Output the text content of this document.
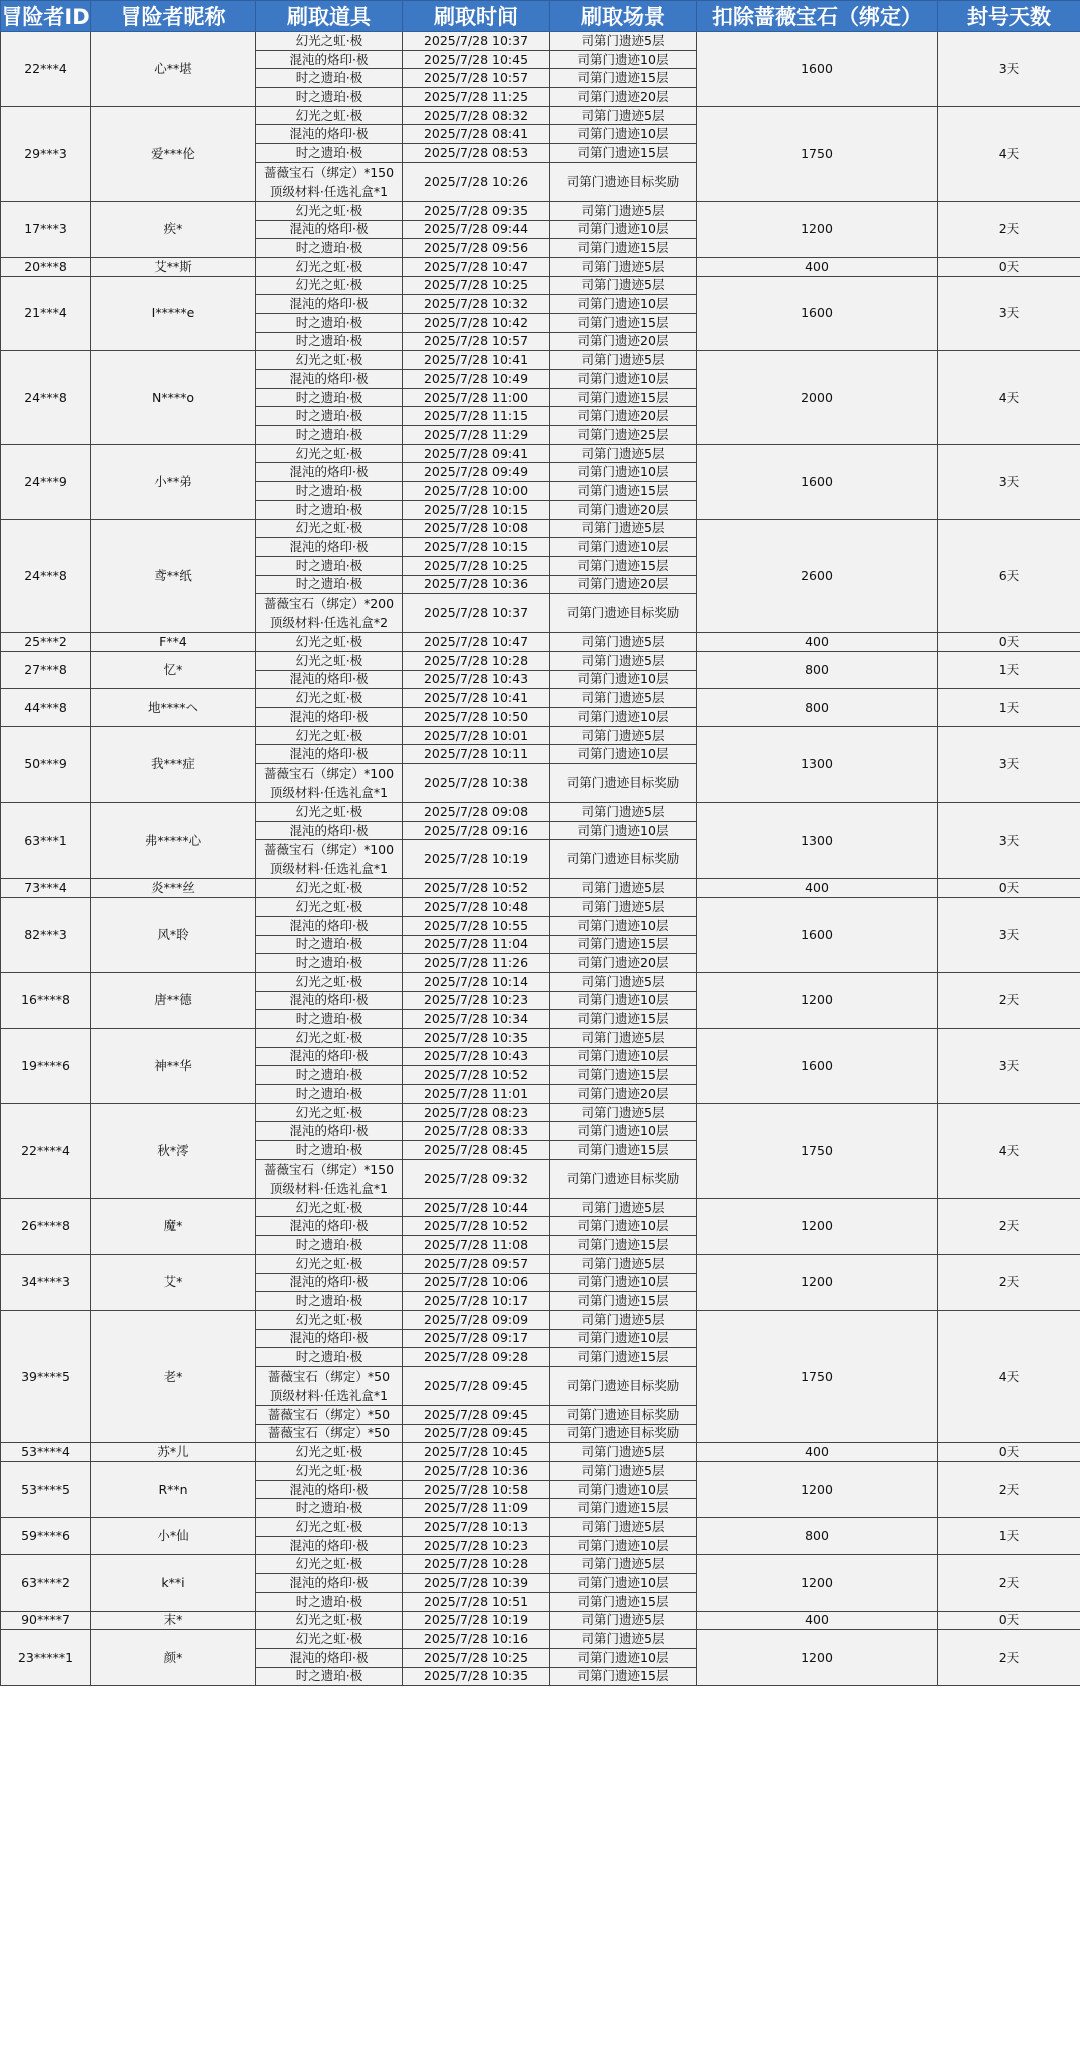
冒险者ID	冒险者昵称	刷取道具	刷取时间	刷取场景	扣除蔷薇宝石（绑定）	封号天数
22***4	心**堪	幻光之虹·极	2025/7/28 10:37	司第门遗迹5层	1600	3天
		混沌的烙印·极	2025/7/28 10:45	司第门遗迹10层		
		时之遗珀·极	2025/7/28 10:57	司第门遗迹15层		
		时之遗珀·极	2025/7/28 11:25	司第门遗迹20层		
29***3	爱***伦	幻光之虹·极	2025/7/28 08:32	司第门遗迹5层	1750	4天
		混沌的烙印·极	2025/7/28 08:41	司第门遗迹10层		
		时之遗珀·极	2025/7/28 08:53	司第门遗迹15层		
		蔷薇宝石（绑定）*150
顶级材料·任选礼盒*1	2025/7/28 10:26	司第门遗迹目标奖励		

17***3	疾*	幻光之虹·极	2025/7/28 09:35	司第门遗迹5层	1200	2天
		混沌的烙印·极	2025/7/28 09:44	司第门遗迹10层		
		时之遗珀·极	2025/7/28 09:56	司第门遗迹15层		
20***8	艾**斯	幻光之虹·极	2025/7/28 10:47	司第门遗迹5层	400	0天
21***4	I*****e	幻光之虹·极	2025/7/28 10:25	司第门遗迹5层	1600	3天
		混沌的烙印·极	2025/7/28 10:32	司第门遗迹10层		
		时之遗珀·极	2025/7/28 10:42	司第门遗迹15层		
		时之遗珀·极	2025/7/28 10:57	司第门遗迹20层		
24***8	N****o	幻光之虹·极	2025/7/28 10:41	司第门遗迹5层	2000	4天
		混沌的烙印·极	2025/7/28 10:49	司第门遗迹10层		
		时之遗珀·极	2025/7/28 11:00	司第门遗迹15层		
		时之遗珀·极	2025/7/28 11:15	司第门遗迹20层		
		时之遗珀·极	2025/7/28 11:29	司第门遗迹25层		
24***9	小**弟	幻光之虹·极	2025/7/28 09:41	司第门遗迹5层	1600	3天
		混沌的烙印·极	2025/7/28 09:49	司第门遗迹10层		
		时之遗珀·极	2025/7/28 10:00	司第门遗迹15层		
		时之遗珀·极	2025/7/28 10:15	司第门遗迹20层		
24***8	鸢**纸	幻光之虹·极	2025/7/28 10:08	司第门遗迹5层	2600	6天
		混沌的烙印·极	2025/7/28 10:15	司第门遗迹10层		
		时之遗珀·极	2025/7/28 10:25	司第门遗迹15层		
		时之遗珀·极	2025/7/28 10:36	司第门遗迹20层		
		蔷薇宝石（绑定）*200
顶级材料·任选礼盒*2	2025/7/28 10:37	司第门遗迹目标奖励		

25***2	F**4	幻光之虹·极	2025/7/28 10:47	司第门遗迹5层	400	0天
27***8	忆*	幻光之虹·极	2025/7/28 10:28	司第门遗迹5层	800	1天
		混沌的烙印·极	2025/7/28 10:43	司第门遗迹10层		
44***8	地****ヘ	幻光之虹·极	2025/7/28 10:41	司第门遗迹5层	800	1天
		混沌的烙印·极	2025/7/28 10:50	司第门遗迹10层		
50***9	我***症	幻光之虹·极	2025/7/28 10:01	司第门遗迹5层	1300	3天
		混沌的烙印·极	2025/7/28 10:11	司第门遗迹10层		
		蔷薇宝石（绑定）*100
顶级材料·任选礼盒*1	2025/7/28 10:38	司第门遗迹目标奖励		

63***1	弗*****心	幻光之虹·极	2025/7/28 09:08	司第门遗迹5层	1300	3天
		混沌的烙印·极	2025/7/28 09:16	司第门遗迹10层		
		蔷薇宝石（绑定）*100
顶级材料·任选礼盒*1	2025/7/28 10:19	司第门遗迹目标奖励		

73***4	炎***丝	幻光之虹·极	2025/7/28 10:52	司第门遗迹5层	400	0天
82***3	风*聆	幻光之虹·极	2025/7/28 10:48	司第门遗迹5层	1600	3天
		混沌的烙印·极	2025/7/28 10:55	司第门遗迹10层		
		时之遗珀·极	2025/7/28 11:04	司第门遗迹15层		
		时之遗珀·极	2025/7/28 11:26	司第门遗迹20层		
16****8	唐**德	幻光之虹·极	2025/7/28 10:14	司第门遗迹5层	1200	2天
		混沌的烙印·极	2025/7/28 10:23	司第门遗迹10层		
		时之遗珀·极	2025/7/28 10:34	司第门遗迹15层		
19****6	神**华	幻光之虹·极	2025/7/28 10:35	司第门遗迹5层	1600	3天
		混沌的烙印·极	2025/7/28 10:43	司第门遗迹10层		
		时之遗珀·极	2025/7/28 10:52	司第门遗迹15层		
		时之遗珀·极	2025/7/28 11:01	司第门遗迹20层		
22****4	秋*澪	幻光之虹·极	2025/7/28 08:23	司第门遗迹5层	1750	4天
		混沌的烙印·极	2025/7/28 08:33	司第门遗迹10层		
		时之遗珀·极	2025/7/28 08:45	司第门遗迹15层		
		蔷薇宝石（绑定）*150
顶级材料·任选礼盒*1	2025/7/28 09:32	司第门遗迹目标奖励		

26****8	魔*	幻光之虹·极	2025/7/28 10:44	司第门遗迹5层	1200	2天
		混沌的烙印·极	2025/7/28 10:52	司第门遗迹10层		
		时之遗珀·极	2025/7/28 11:08	司第门遗迹15层		
34****3	艾*	幻光之虹·极	2025/7/28 09:57	司第门遗迹5层	1200	2天
		混沌的烙印·极	2025/7/28 10:06	司第门遗迹10层		
		时之遗珀·极	2025/7/28 10:17	司第门遗迹15层		
39****5	老*	幻光之虹·极	2025/7/28 09:09	司第门遗迹5层	1750	4天
		混沌的烙印·极	2025/7/28 09:17	司第门遗迹10层		
		时之遗珀·极	2025/7/28 09:28	司第门遗迹15层		
		蔷薇宝石（绑定）*50
顶级材料·任选礼盒*1	2025/7/28 09:45	司第门遗迹目标奖励		

		蔷薇宝石（绑定）*50	2025/7/28 09:45	司第门遗迹目标奖励		
		蔷薇宝石（绑定）*50	2025/7/28 09:45	司第门遗迹目标奖励		
53****4	苏*儿	幻光之虹·极	2025/7/28 10:45	司第门遗迹5层	400	0天
53****5	R**n	幻光之虹·极	2025/7/28 10:36	司第门遗迹5层	1200	2天
		混沌的烙印·极	2025/7/28 10:58	司第门遗迹10层		
		时之遗珀·极	2025/7/28 11:09	司第门遗迹15层		
59****6	小*仙	幻光之虹·极	2025/7/28 10:13	司第门遗迹5层	800	1天
		混沌的烙印·极	2025/7/28 10:23	司第门遗迹10层		
63****2	k**i	幻光之虹·极	2025/7/28 10:28	司第门遗迹5层	1200	2天
		混沌的烙印·极	2025/7/28 10:39	司第门遗迹10层		
		时之遗珀·极	2025/7/28 10:51	司第门遗迹15层		
90****7	末*	幻光之虹·极	2025/7/28 10:19	司第门遗迹5层	400	0天
23*****1	颜*	幻光之虹·极	2025/7/28 10:16	司第门遗迹5层	1200	2天
		混沌的烙印·极	2025/7/28 10:25	司第门遗迹10层		
		时之遗珀·极	2025/7/28 10:35	司第门遗迹15层		
